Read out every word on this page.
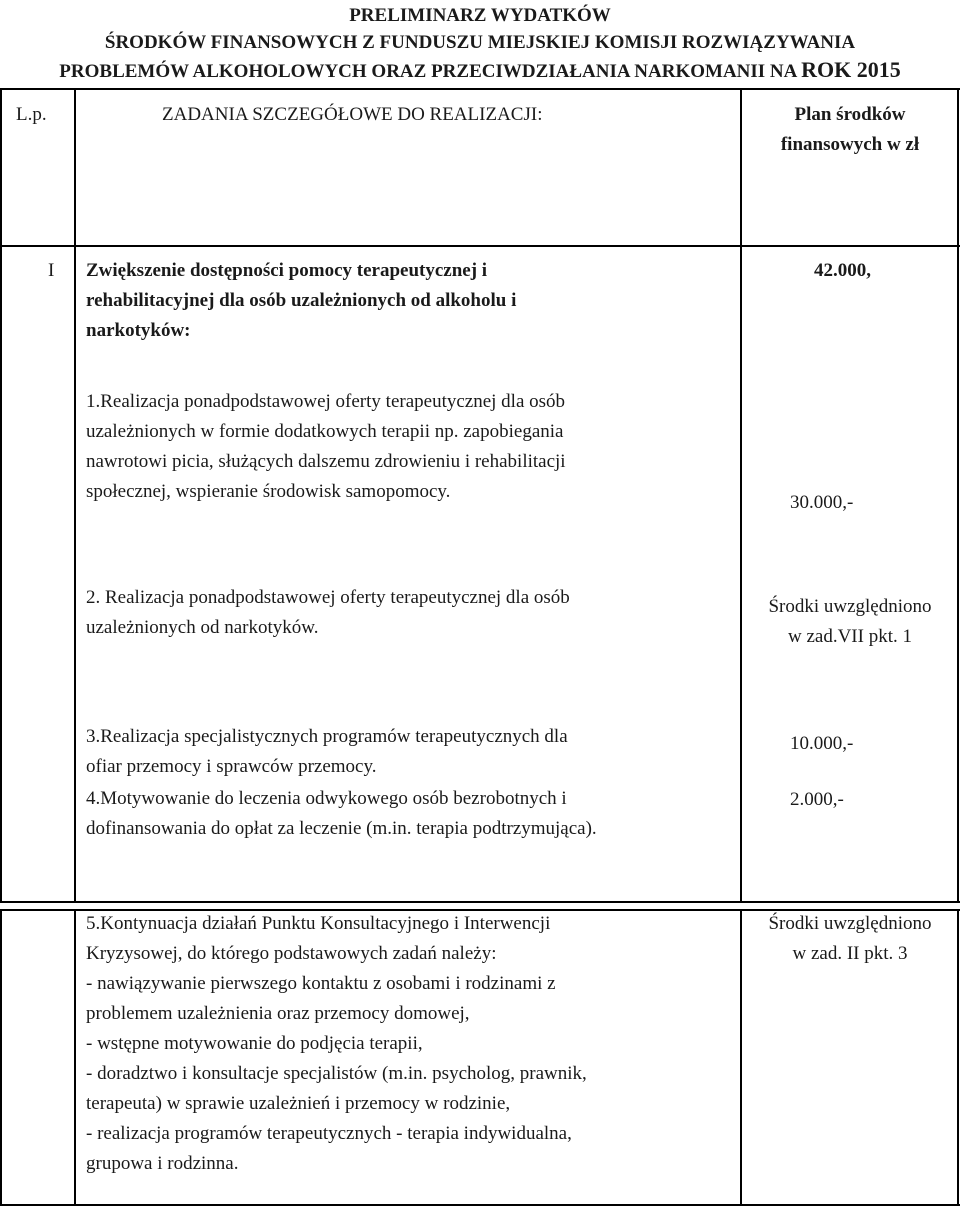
PRELIMINARZ WYDATKÓW
ŚRODKÓW FINANSOWYCH Z FUNDUSZU MIEJSKIEJ KOMISJI ROZWIĄZYWANIA
PROBLEMÓW ALKOHOLOWYCH ORAZ PRZECIWDZIAŁANIA NARKOMANII NA ROK 2015
L.p.	ZADANIA SZCZEGÓŁOWE DO REALIZACJI:	Plan środków
finansowych w zł
I Zwiększenie dostępności pomocy terapeutycznej i
rehabilitacyjnej dla osób uzależnionych od alkoholu i
narkotyków:
42.000,
1.Realizacja ponadpodstawowej oferty terapeutycznej dla osób
uzależnionych w formie dodatkowych terapii np. zapobiegania
nawrotowi picia, służących dalszemu zdrowieniu i rehabilitacji
społecznej, wspieranie środowisk samopomocy.
30.000,-
2. Realizacja ponadpodstawowej oferty terapeutycznej dla osób
uzależnionych od narkotyków.
Środki uwzględniono
w zad.VII pkt. 1
3.Realizacja specjalistycznych programów terapeutycznych dla
ofiar przemocy i sprawców przemocy.
10.000,-
4.Motywowanie do leczenia odwykowego osób bezrobotnych i
dofinansowania do opłat za leczenie (m.in. terapia podtrzymująca).
2.000,-
5.Kontynuacja działań Punktu Konsultacyjnego i Interwencji
Kryzysowej, do którego podstawowych zadań należy:
- nawiązywanie pierwszego kontaktu z osobami i rodzinami z
problemem uzależnienia oraz przemocy domowej,
- wstępne motywowanie do podjęcia terapii,
- doradztwo i konsultacje specjalistów (m.in. psycholog, prawnik,
terapeuta) w sprawie uzależnień i przemocy w rodzinie,
- realizacja programów terapeutycznych - terapia indywidualna,
grupowa i rodzinna.
Środki uwzględniono
w zad. II pkt. 3
